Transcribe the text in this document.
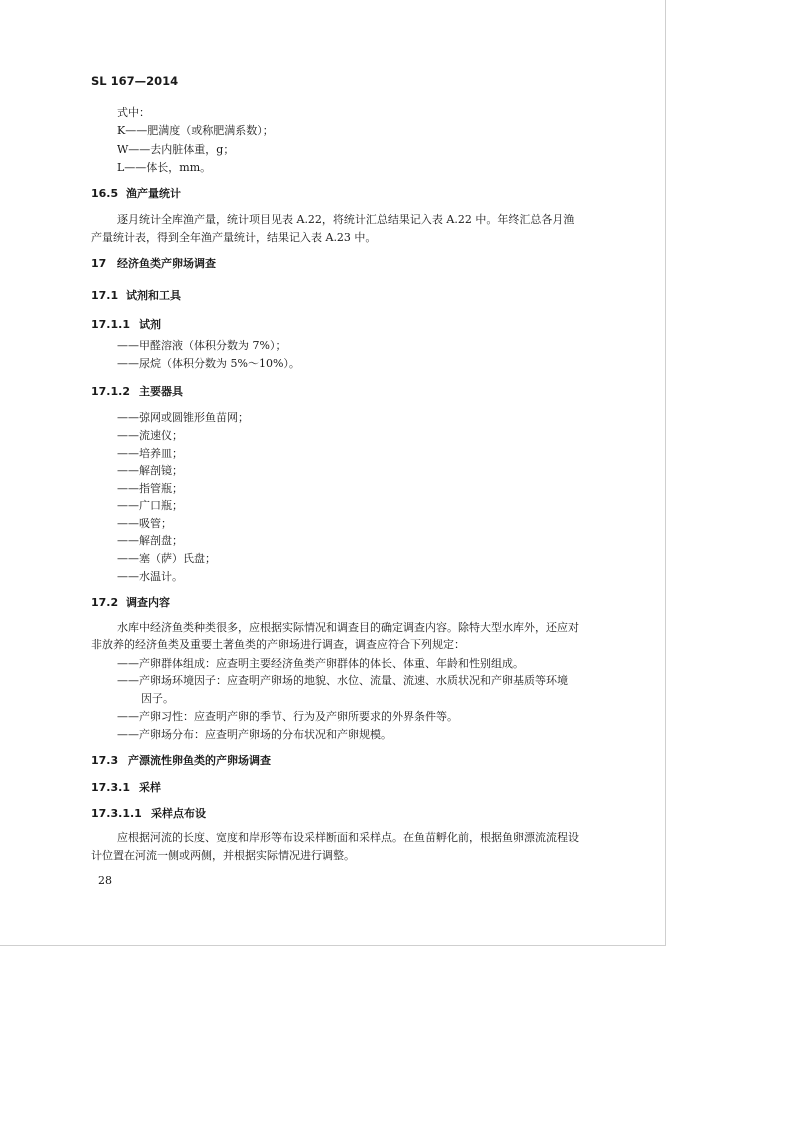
SL 167—2014
式中：
K——肥满度（或称肥满系数）；
W——去内脏体重，g；
L——体长，mm。
16.5 渔产量统计
逐月统计全库渔产量，统计项目见表 A.22，将统计汇总结果记入表 A.22 中。年终汇总各月渔
产量统计表，得到全年渔产量统计，结果记入表 A.23 中。
17 经济鱼类产卵场调查
17.1 试剂和工具
17.1.1 试剂
——甲醛溶液（体积分数为 7%）；
——尿烷（体积分数为 5%～10%）。
17.1.2 主要器具
——弶网或圆锥形鱼苗网；
——流速仪；
——培养皿；
——解剖镜；
——指管瓶；
——广口瓶；
——吸管；
——解剖盘；
——塞（萨）氏盘；
——水温计。
17.2 调查内容
水库中经济鱼类种类很多，应根据实际情况和调查目的确定调查内容。除特大型水库外，还应对
非放养的经济鱼类及重要土著鱼类的产卵场进行调查，调查应符合下列规定：
——产卵群体组成：应查明主要经济鱼类产卵群体的体长、体重、年龄和性别组成。
——产卵场环境因子：应查明产卵场的地貌、水位、流量、流速、水质状况和产卵基质等环境
因子。
——产卵习性：应查明产卵的季节、行为及产卵所要求的外界条件等。
——产卵场分布：应查明产卵场的分布状况和产卵规模。
17.3 产漂流性卵鱼类的产卵场调查
17.3.1 采样
17.3.1.1 采样点布设
应根据河流的长度、宽度和岸形等布设采样断面和采样点。在鱼苗孵化前，根据鱼卵漂流流程设
计位置在河流一侧或两侧，并根据实际情况进行调整。
28
